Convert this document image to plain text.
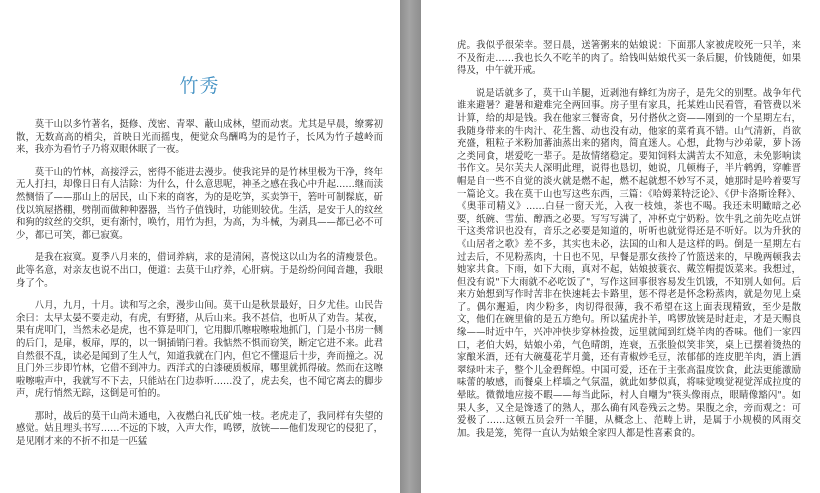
竹秀

莫干山以多竹著名，挺修、茂密、青翠、蔽山成林，望而动衷。尤其是早晨，缭雾初散，无数高高的梢尖，首映日光而摇曳，便觉众鸟酬鸣为的是竹子，长风为竹子越岭而来，我亦为看竹子乃将双眼休眠了一夜。

莫干山的竹林，高接浮云，密得不能进去漫步。使我诧异的是竹林里极为干净，终年无人打扫，却像日日有人洁除：为什么，什么意思呢，神圣之感在我心中升起……继而渎然恻悟了——那山上的居民，山下来的商客，为的是吃笋，买卖笋干，箬叶可制髹底，斫伐以筑屋搭棚，劈削而做种种器器，当竹子值钱时，功能则较优。生活，是安于人的纹丝和狗的纹丝的交织，更有渐忖，唤竹，用竹为担，为高，为斗械，为剥具——都已必不可少，都已可笑，都已寂寞。

是我在寂寞。夏季八月来的，借词养病，求的是清闲，喜悦这以山为名的清瘦景色。此等名意，对亲友也说不出口，便道：去莫干山疗养，心肝病。于是纷纷问闻音趣，我眼身了个。

八月，九月，十月。读和写之余，漫步山间。莫干山是秋景最好，日夕尤佳。山民告余曰：太早太晏不要走动，有虎，有野猪，从后山来。我不甚信，也听从了劝告。某夜，果有虎叩门，当然未必是虎，也不算是叩门，它用脚爪嚓啦嚓啦地抓门，门是小书房一侧的后门，是扉，板扉，厚的，以一铜插销闩着。我惦然不惧而窃笑，断定它进不来。此君自然很不乱，读必是闻到了生人气，知道我就在门内，但它不懂退后十步，奔而撞之。况且门外三步即竹林，它借不到冲力。西洋式的白漆硬质板扉，哪里就抓得破。然而在这嚓啦嚓啦声中，我就写不下去，只能站在门边恭听……没了，虎去矣，也不闻它离去的脚步声，虎行悄然无踪，这倒是可怕的。

那时，战后的莫干山尚未通电，入夜燃白礼氏矿烛一枝。老虎走了，我同样有失望的感觉。姑且埋头书写……不远的下坡，入声大作，鸣锣，放铳——他们发现它的侵犯了，是见刚才来的不折不扣是一匹猛

虎。我似乎很荣幸。翌日晨，送箸粥来的姑娘说：下面那人家被虎咬死一只羊，来不及衔走……我也长久不吃羊的肉了。给钱叫姑娘代买一条后腿，价钱随便，如果得及，中午就开戒。

说是话就多了，莫干山羊腿，近剥池有蜂红为房子，是先父的别墅。战争年代谁来避暑？避暑和避难完全两回事。房子里有家具，托某姓山民看管，看管费以米计算，给的却是钱。我在他家三餐寄食，另付搭伙之资——刚到的一个星期左右，我随身带来的牛肉汁、花生酱、动也没有动，他家的菜肴真不错。山气清新，肖欲充盛，粗粒子米粉加蕃油蒸出来的猪肉，简直迷人。心想，此物与沙弟蒙，萝卜汤之类同食，堪爱吃一辈子。是故情绪稳定。要知饲料太满苦太不知意，未免影响读书作文。吴尔芙夫人深明此理，说得也恳切，她说，几顿梅子，半片鹌鹑，穿帷晋帽是自一些不自觉的淡火就是燃不起，燃不起就想不妙写不灵，她那时是吟着要写一篇论文。我在莫干山也写这些东西，三篇：《哈姆莱特泛论》、《伊卡洛斯诠释》、《奥菲司精义》……白昼一窗天光，入夜一枝烛，茶也不喝。我还未明瞰暗之必要，纸碗、雪茄、醇酒之必要。写写写满了，冲杯克宁奶粉。饮牛乳之前先吃点饼干这类常识也没有，音乐之必要是知道的，听听也就觉得还是不听好。以为升狄的《山居者之歌》差不多，其实也未必，法国的山和人是这样的吗。倒是一星期左右过去后，不见粉蒸肉，十日也不见，早餐是那女孩拎了竹篮送来的，早晚两顿我去她家共食。下雨，如下大雨，真对不起，姑娘披蓑衣、戴笠帽提饭菜来。我想过，但没有说"下大雨就不必吃饭了"，写作这回事很容易发生饥饿，不知别人如何。后来方始想到写作时苦非在快速耗去卡路里，惩不得老是怀念粉蒸肉，就是勿见上桌了。偶尔邂逅，肉少粉多，肉切得很薄，我不希望在这上面表现精致，至少是散文，他们在碗里偷的是五方绝句。所以猛虎扑羊，鸣锣放铳是时赶走，才是天赐良缘——时近中午，兴冲冲快步穿林捡拨，远里就闻到红烧羊肉的香味。他们一家四口，老伯大妈，姑娘小弟，气色晴朗，连衰，五张脸似笑非笑，桌上已摆着烫热的家酿米酒，还有大碗蔓花芋月羹，还有青椒炒毛豆，浓郁郁的连皮肥羊肉，酒上洒翠绿叶末子，整个儿金碧辉煌。中国可爱，还在于主张高温度饮食，此法更能激励味蕾的敏感，而餐桌上样墙之气氛温，就此如梦似真，将味觉嗅觉视觉浑成拉度的晕眩。微微地应接不暇——每当此际，村人自嘲为"筷头像雨点，眼睛像豁闪"。如果人多，又全是馋透了的熟人，那么确有风卷残云之势。果腹之余，旁而观之：可爱极了……这顿五员会歼一羊腿，从概念上、范畴上讲，是属于小规模的风雨交加。我是笼，筅得一直认为姑娘全家四人都是性喜素食的。
